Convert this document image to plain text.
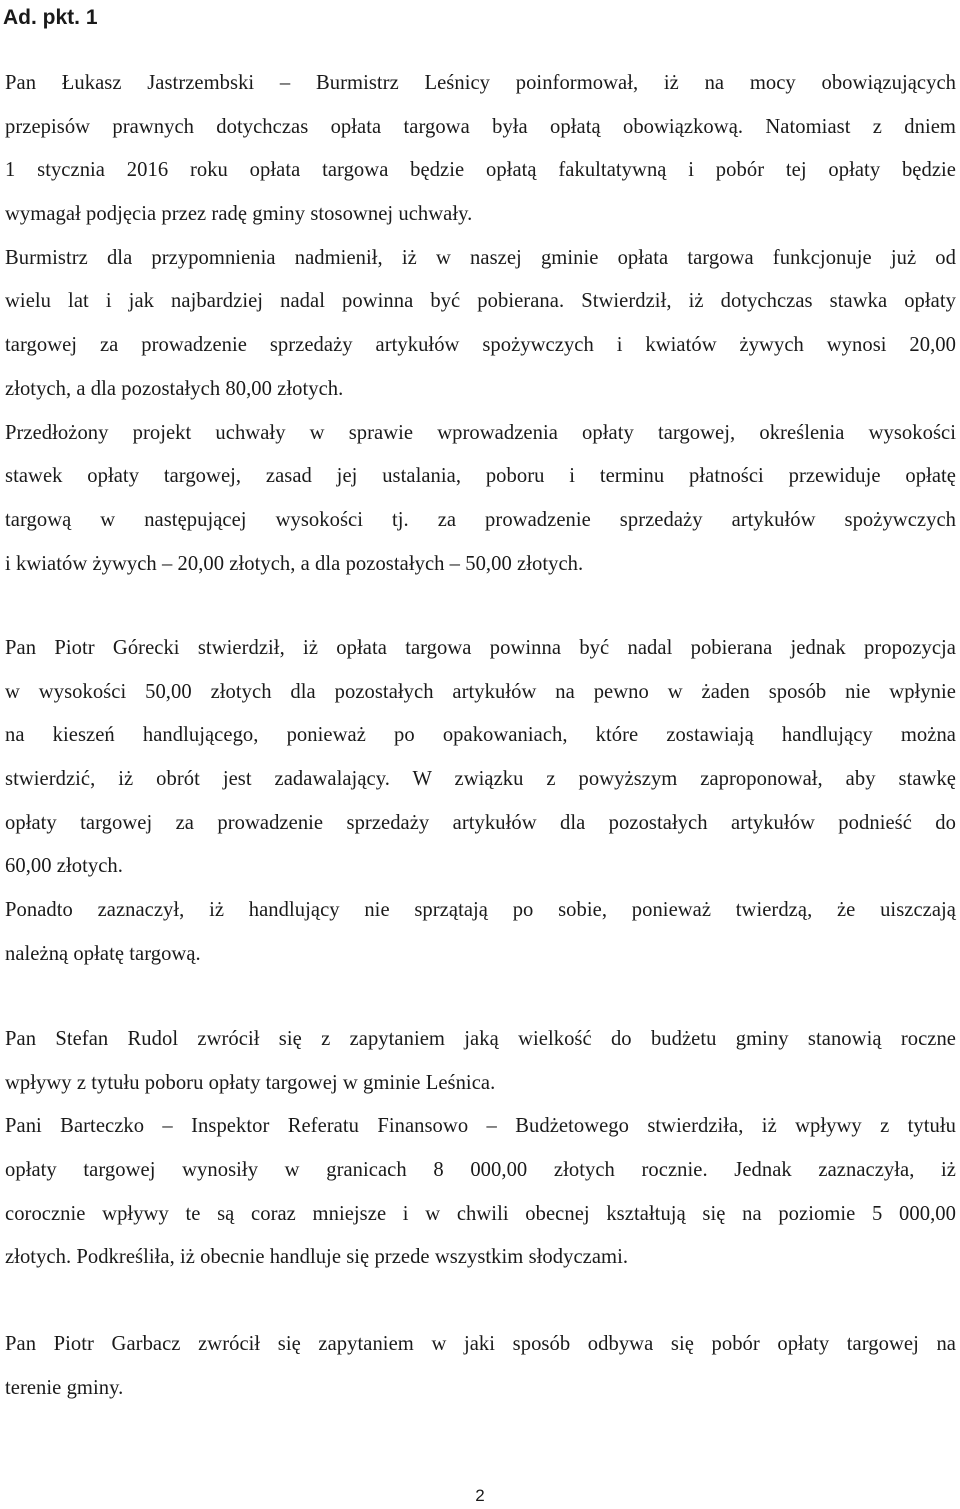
Ad. pkt. 1
Pan Łukasz Jastrzembski – Burmistrz Leśnicy poinformował, iż na mocy obowiązujących
przepisów prawnych dotychczas opłata targowa była opłatą obowiązkową. Natomiast z dniem
1 stycznia 2016 roku opłata targowa będzie opłatą fakultatywną i pobór tej opłaty będzie
wymagał podjęcia przez radę gminy stosownej uchwały.
Burmistrz dla przypomnienia nadmienił, iż w naszej gminie opłata targowa funkcjonuje już od
wielu lat i jak najbardziej nadal powinna być pobierana. Stwierdził, iż dotychczas stawka opłaty
targowej za prowadzenie sprzedaży artykułów spożywczych i kwiatów żywych wynosi 20,00
złotych, a dla pozostałych 80,00 złotych.
Przedłożony projekt uchwały w sprawie wprowadzenia opłaty targowej, określenia wysokości
stawek opłaty targowej, zasad jej ustalania, poboru i terminu płatności przewiduje opłatę
targową w następującej wysokości tj. za prowadzenie sprzedaży artykułów spożywczych
i kwiatów żywych – 20,00 złotych, a dla pozostałych – 50,00 złotych.
Pan Piotr Górecki stwierdził, iż opłata targowa powinna być nadal pobierana jednak propozycja
w wysokości 50,00 złotych dla pozostałych artykułów na pewno w żaden sposób nie wpłynie
na kieszeń handlującego, ponieważ po opakowaniach, które zostawiają handlujący można
stwierdzić, iż obrót jest zadawalający. W związku z powyższym zaproponował, aby stawkę
opłaty targowej za prowadzenie sprzedaży artykułów dla pozostałych artykułów podnieść do
60,00 złotych.
Ponadto zaznaczył, iż handlujący nie sprzątają po sobie, ponieważ twierdzą, że uiszczają
należną opłatę targową.
Pan Stefan Rudol zwrócił się z zapytaniem jaką wielkość do budżetu gminy stanowią roczne
wpływy z tytułu poboru opłaty targowej w gminie Leśnica.
Pani Barteczko – Inspektor Referatu Finansowo – Budżetowego stwierdziła, iż wpływy z tytułu
opłaty targowej wynosiły w granicach 8 000,00 złotych rocznie. Jednak zaznaczyła, iż
corocznie wpływy te są coraz mniejsze i w chwili obecnej kształtują się na poziomie 5 000,00
złotych. Podkreśliła, iż obecnie handluje się przede wszystkim słodyczami.
Pan Piotr Garbacz zwrócił się zapytaniem w jaki sposób odbywa się pobór opłaty targowej na
terenie gminy.
2
